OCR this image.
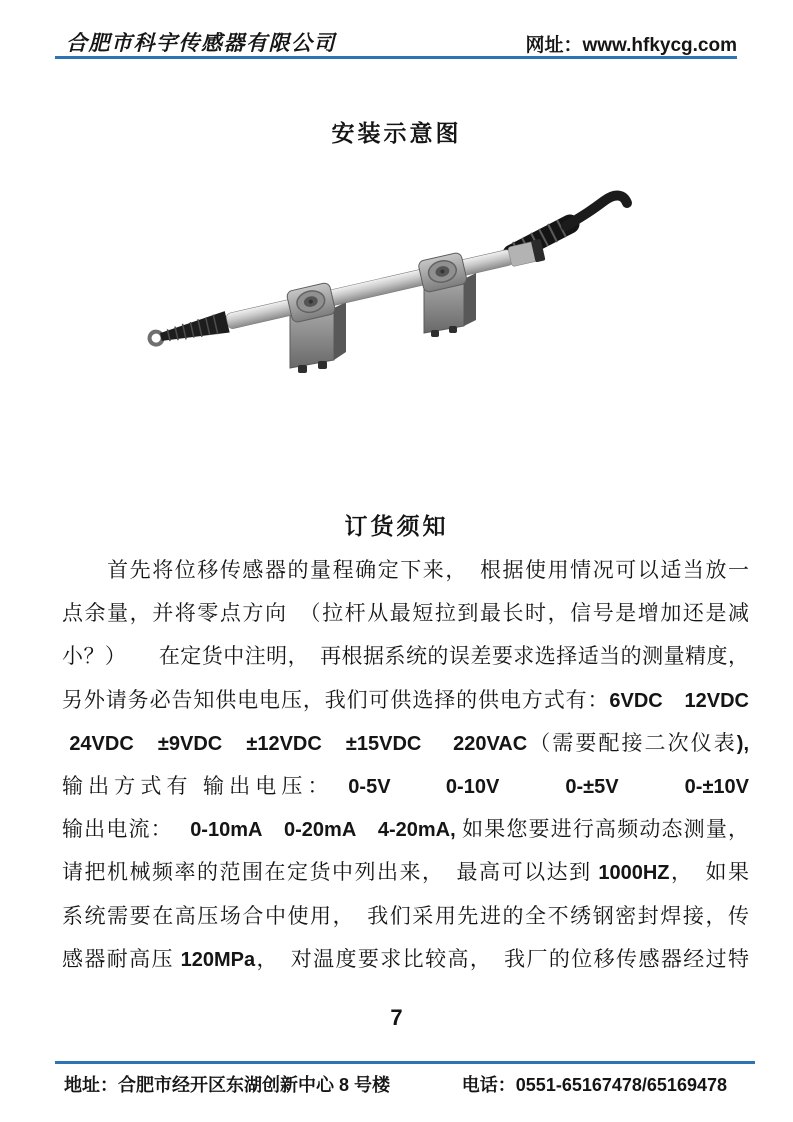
合肥市科宇传感器有限公司	网址：www.hfkycg.com
安装示意图
订货须知
　　首先将位移传感器的量程确定下来，　根据使用情况可以适当放一
点余量，并将零点方向　（拉杆从最短拉到最长时，信号是增加还是减
小？）　　在定货中注明，　再根据系统的误差要求选择适当的测量精度，
另外请务必告知供电电压，我们可供选择的供电方式有：6VDC　12VDC
24VDC　±9VDC　±12VDC　±15VDC　 220VAC（需要配接二次仪表),
输出方式有 输出电压：　0-5V　　0-10V　　 0-±5V　　 0-±10V
输出电流：　 0-10mA　0-20mA　4-20mA, 如果您要进行高频动态测量，
请把机械频率的范围在定货中列出来，　最高可以达到 1000HZ，　如果
系统需要在高压场合中使用，　我们采用先进的全不绣钢密封焊接，传
感器耐高压 120MPa，　对温度要求比较高，　我厂的位移传感器经过特
7
地址：合肥市经开区东湖创新中心 8 号楼	电话：0551-65167478/65169478
